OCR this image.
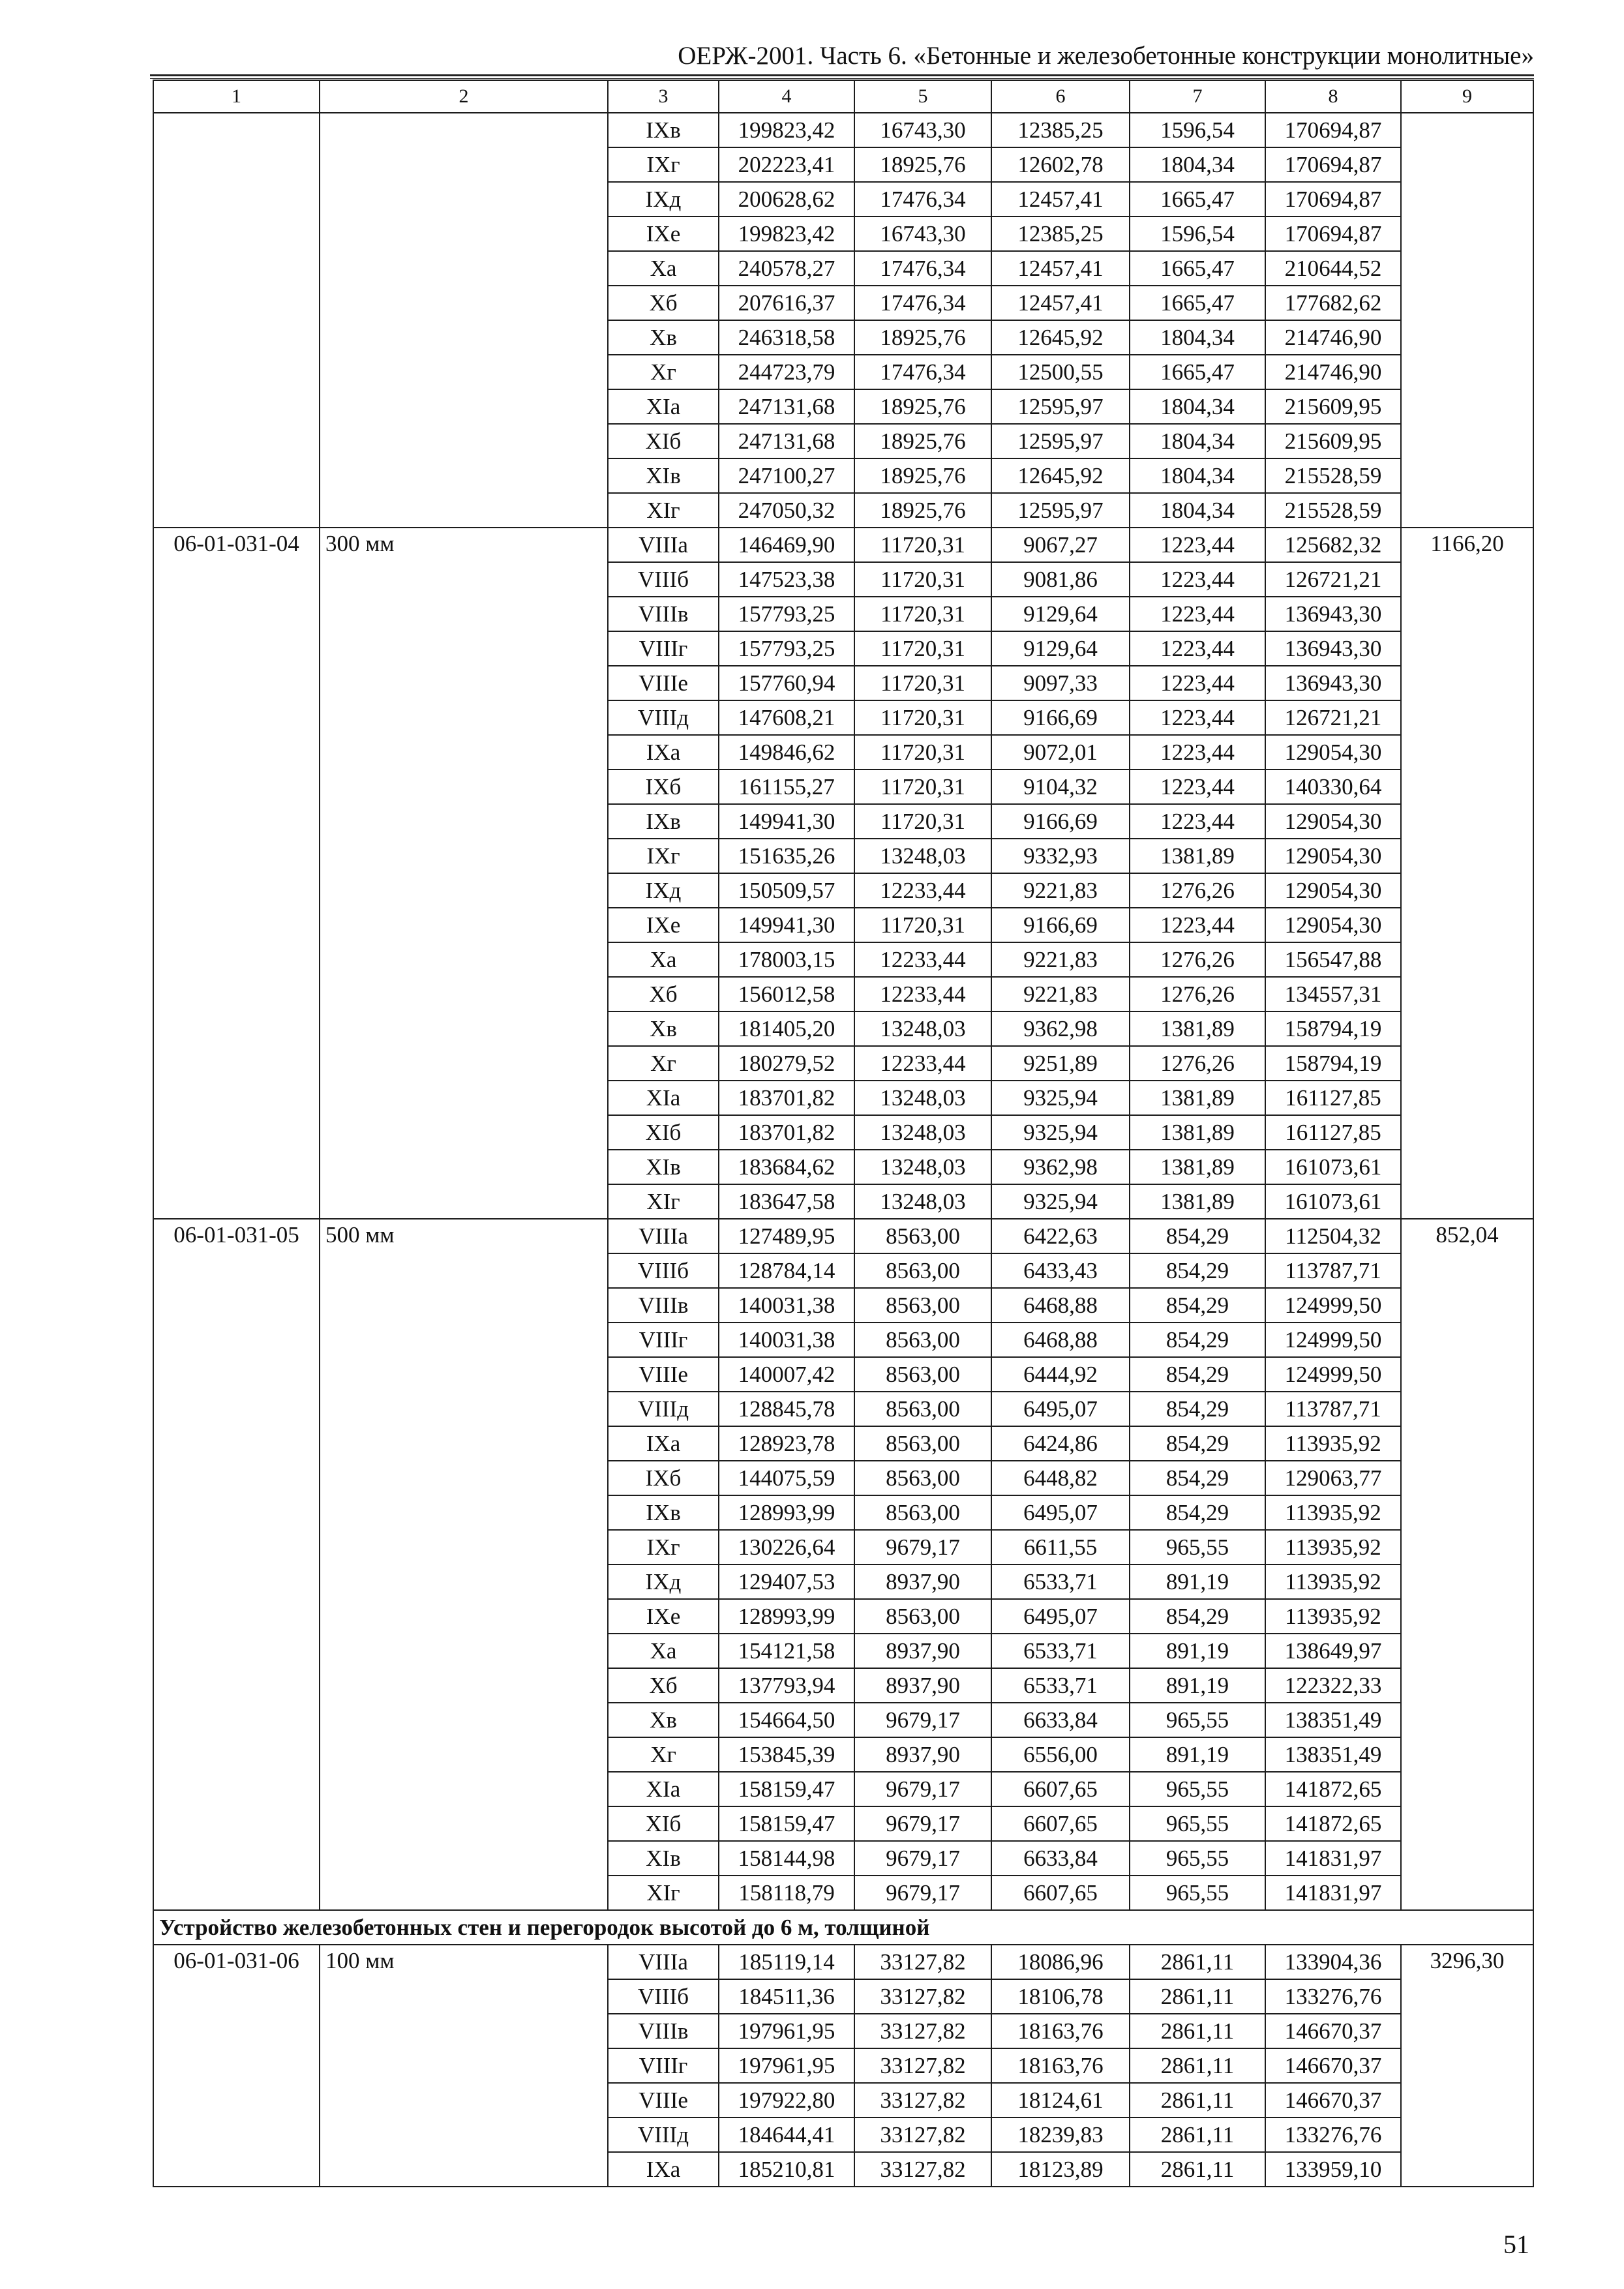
ОЕРЖ-2001. Часть 6. «Бетонные и железобетонные конструкции монолитные»
1	2	3	4	5	6	7	8	9
		IXв	199823,42	16743,30	12385,25	1596,54	170694,87	
		IXг	202223,41	18925,76	12602,78	1804,34	170694,87	
		IXд	200628,62	17476,34	12457,41	1665,47	170694,87	
		IXе	199823,42	16743,30	12385,25	1596,54	170694,87	
		Xа	240578,27	17476,34	12457,41	1665,47	210644,52	
		Xб	207616,37	17476,34	12457,41	1665,47	177682,62	
		Xв	246318,58	18925,76	12645,92	1804,34	214746,90	
		Xг	244723,79	17476,34	12500,55	1665,47	214746,90	
		XIа	247131,68	18925,76	12595,97	1804,34	215609,95	
		XIб	247131,68	18925,76	12595,97	1804,34	215609,95	
		XIв	247100,27	18925,76	12645,92	1804,34	215528,59	
		XIг	247050,32	18925,76	12595,97	1804,34	215528,59	
06-01-031-04	300 мм	VIIIа	146469,90	11720,31	9067,27	1223,44	125682,32	1166,20
		VIIIб	147523,38	11720,31	9081,86	1223,44	126721,21	
		VIIIв	157793,25	11720,31	9129,64	1223,44	136943,30	
		VIIIг	157793,25	11720,31	9129,64	1223,44	136943,30	
		VIIIе	157760,94	11720,31	9097,33	1223,44	136943,30	
		VIIIд	147608,21	11720,31	9166,69	1223,44	126721,21	
		IXа	149846,62	11720,31	9072,01	1223,44	129054,30	
		IXб	161155,27	11720,31	9104,32	1223,44	140330,64	
		IXв	149941,30	11720,31	9166,69	1223,44	129054,30	
		IXг	151635,26	13248,03	9332,93	1381,89	129054,30	
		IXд	150509,57	12233,44	9221,83	1276,26	129054,30	
		IXе	149941,30	11720,31	9166,69	1223,44	129054,30	
		Xа	178003,15	12233,44	9221,83	1276,26	156547,88	
		Xб	156012,58	12233,44	9221,83	1276,26	134557,31	
		Xв	181405,20	13248,03	9362,98	1381,89	158794,19	
		Xг	180279,52	12233,44	9251,89	1276,26	158794,19	
		XIа	183701,82	13248,03	9325,94	1381,89	161127,85	
		XIб	183701,82	13248,03	9325,94	1381,89	161127,85	
		XIв	183684,62	13248,03	9362,98	1381,89	161073,61	
		XIг	183647,58	13248,03	9325,94	1381,89	161073,61	
06-01-031-05	500 мм	VIIIа	127489,95	8563,00	6422,63	854,29	112504,32	852,04
		VIIIб	128784,14	8563,00	6433,43	854,29	113787,71	
		VIIIв	140031,38	8563,00	6468,88	854,29	124999,50	
		VIIIг	140031,38	8563,00	6468,88	854,29	124999,50	
		VIIIе	140007,42	8563,00	6444,92	854,29	124999,50	
		VIIIд	128845,78	8563,00	6495,07	854,29	113787,71	
		IXа	128923,78	8563,00	6424,86	854,29	113935,92	
		IXб	144075,59	8563,00	6448,82	854,29	129063,77	
		IXв	128993,99	8563,00	6495,07	854,29	113935,92	
		IXг	130226,64	9679,17	6611,55	965,55	113935,92	
		IXд	129407,53	8937,90	6533,71	891,19	113935,92	
		IXе	128993,99	8563,00	6495,07	854,29	113935,92	
		Xа	154121,58	8937,90	6533,71	891,19	138649,97	
		Xб	137793,94	8937,90	6533,71	891,19	122322,33	
		Xв	154664,50	9679,17	6633,84	965,55	138351,49	
		Xг	153845,39	8937,90	6556,00	891,19	138351,49	
		XIа	158159,47	9679,17	6607,65	965,55	141872,65	
		XIб	158159,47	9679,17	6607,65	965,55	141872,65	
		XIв	158144,98	9679,17	6633,84	965,55	141831,97	
		XIг	158118,79	9679,17	6607,65	965,55	141831,97	
Устройство железобетонных стен и перегородок высотой до 6 м, толщиной								
06-01-031-06	100 мм	VIIIа	185119,14	33127,82	18086,96	2861,11	133904,36	3296,30
		VIIIб	184511,36	33127,82	18106,78	2861,11	133276,76	
		VIIIв	197961,95	33127,82	18163,76	2861,11	146670,37	
		VIIIг	197961,95	33127,82	18163,76	2861,11	146670,37	
		VIIIе	197922,80	33127,82	18124,61	2861,11	146670,37	
		VIIIд	184644,41	33127,82	18239,83	2861,11	133276,76	
		IXа	185210,81	33127,82	18123,89	2861,11	133959,10	
51
